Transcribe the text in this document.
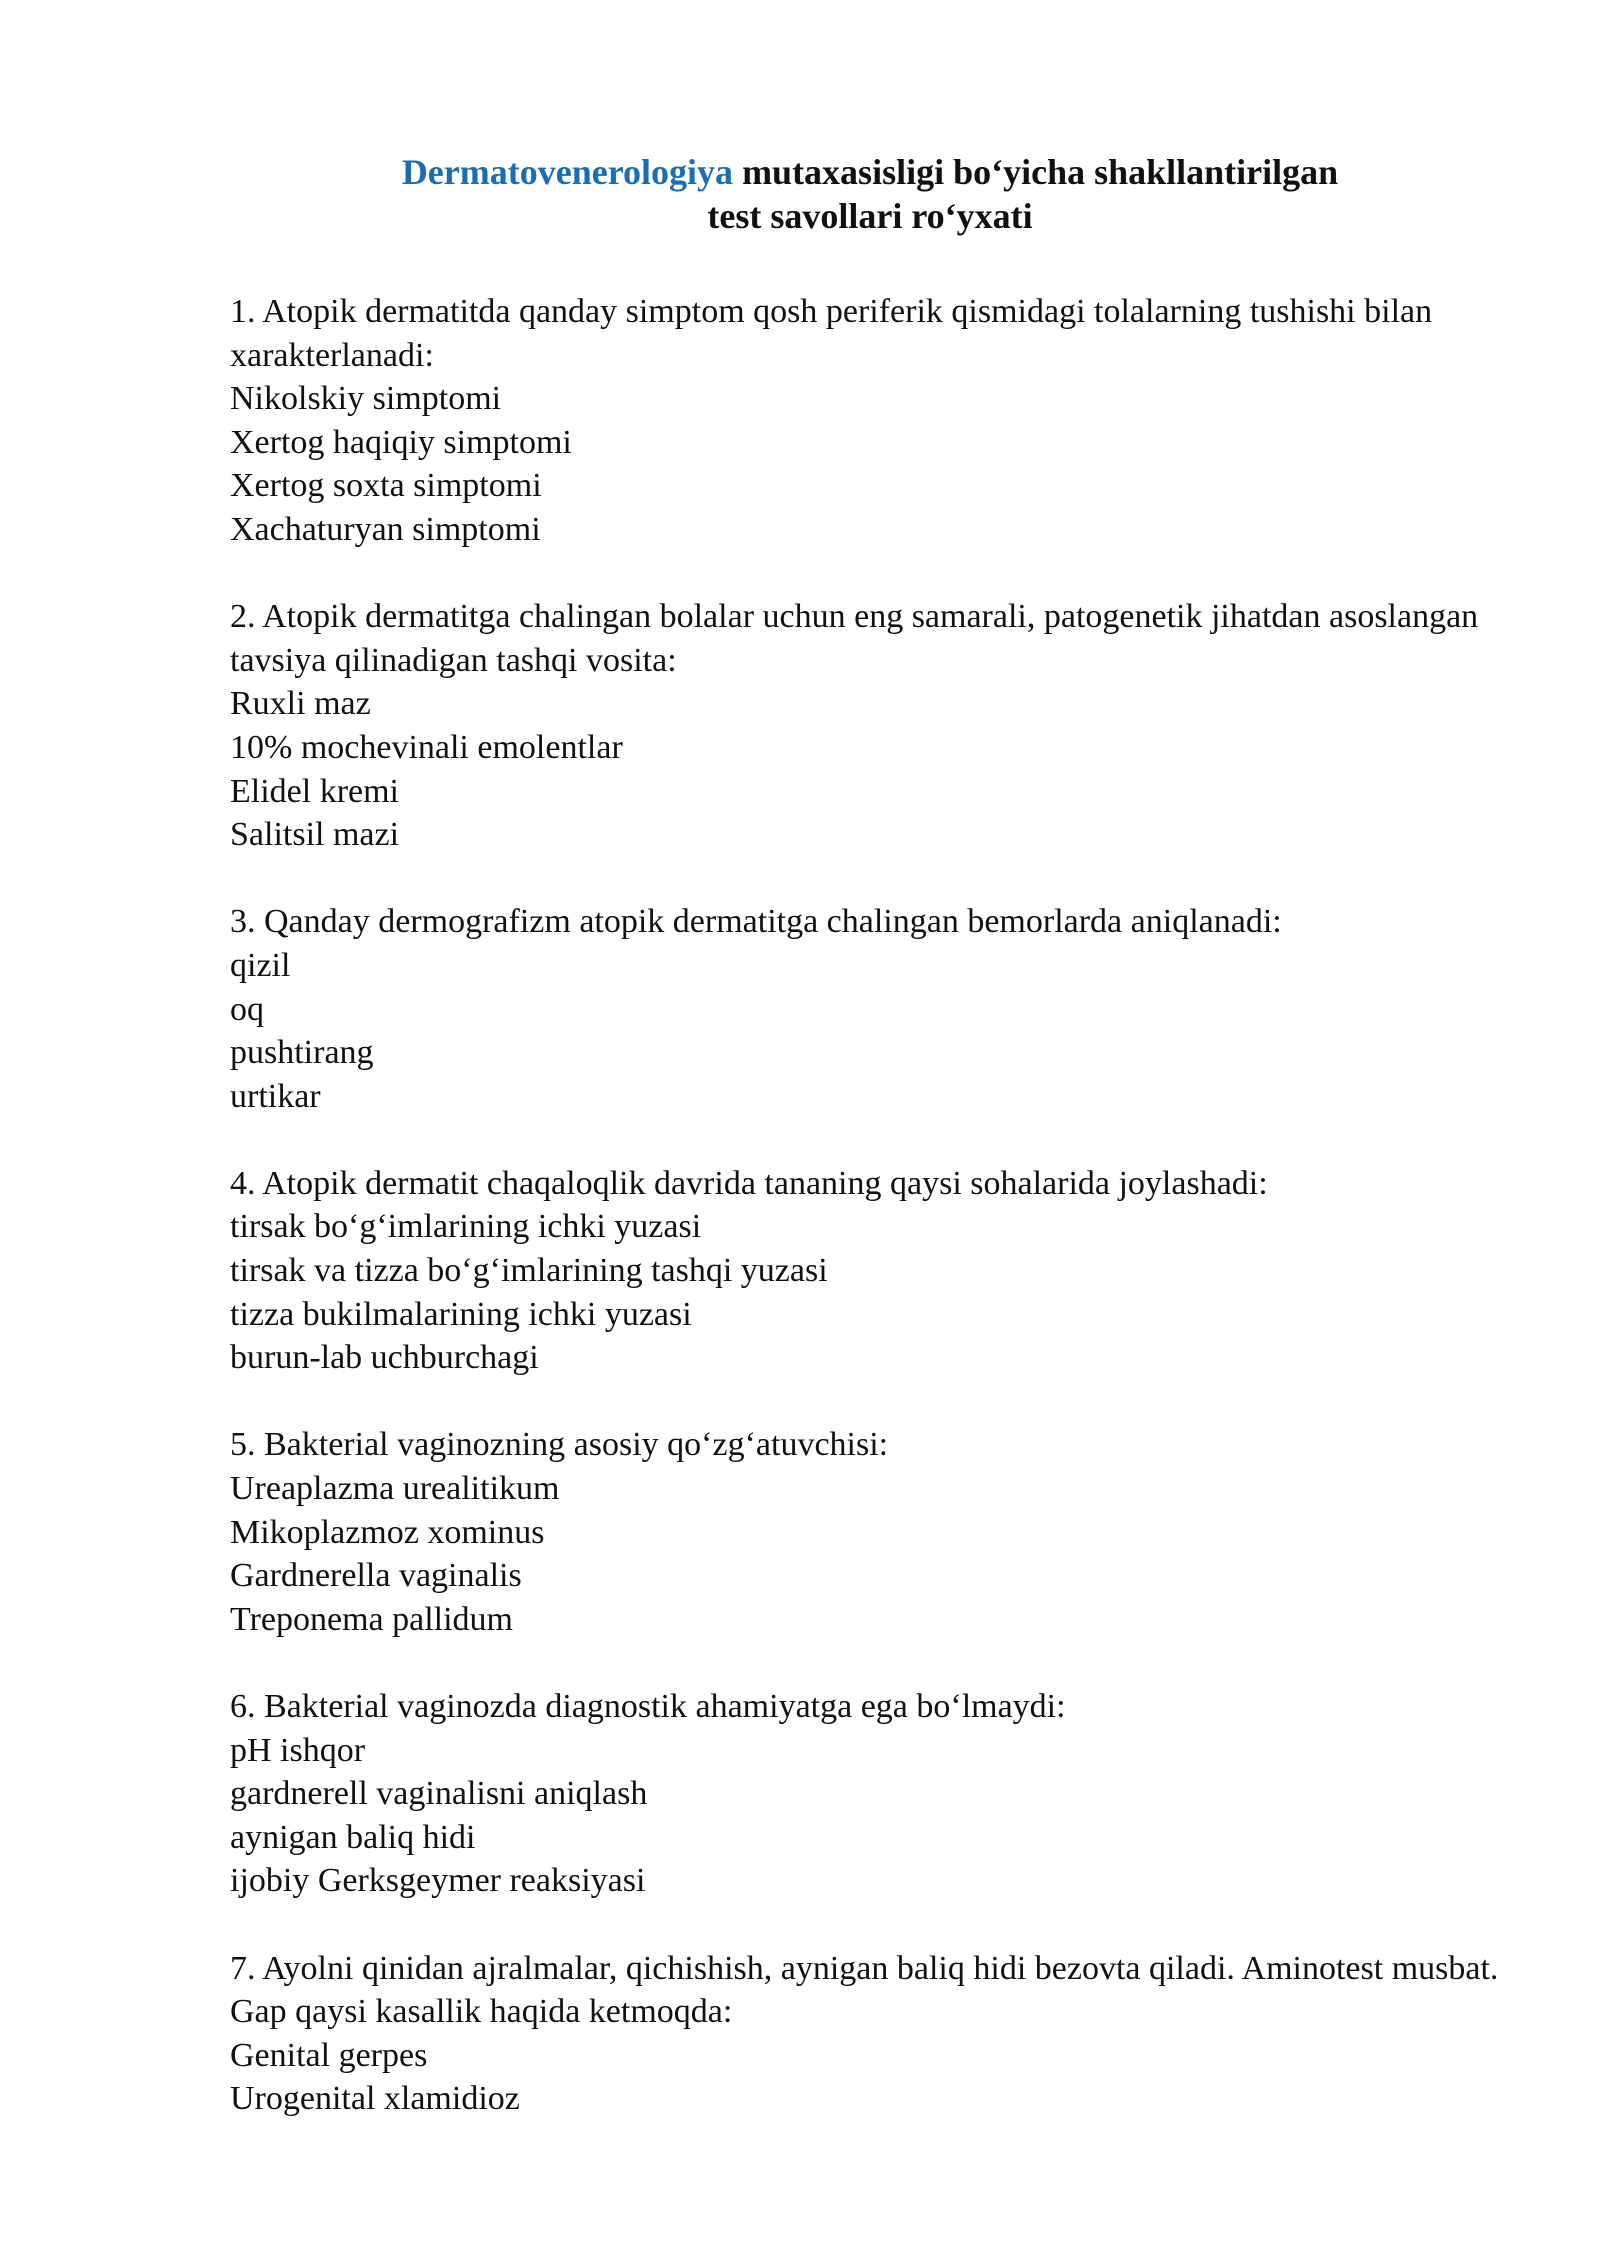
Dermatovenerologiya mutaxasisligi bo‘yicha shakllantirilgan
test savollari ro‘yxati
1. Atopik dermatitda qanday simptom qosh periferik qismidagi tolalarning tushishi bilan xarakterlanadi:
Nikolskiy simptomi
Xertog haqiqiy simptomi
Xertog soxta simptomi
Xachaturyan simptomi
2. Atopik dermatitga chalingan bolalar uchun eng samarali, patogenetik jihatdan asoslangan tavsiya qilinadigan tashqi vosita:
Ruxli maz
10% mochevinali emolentlar
Elidel kremi
Salitsil mazi
3. Qanday dermografizm atopik dermatitga chalingan bemorlarda aniqlanadi:
qizil
oq
pushtirang
urtikar
4. Atopik dermatit chaqaloqlik davrida tananing qaysi sohalarida joylashadi:
tirsak bo‘g‘imlarining ichki yuzasi
tirsak va tizza bo‘g‘imlarining tashqi yuzasi
tizza bukilmalarining ichki yuzasi
burun-lab uchburchagi
5. Bakterial vaginozning asosiy qo‘zg‘atuvchisi:
Ureaplazma urealitikum
Mikoplazmoz xominus
Gardnerella vaginalis
Treponema pallidum
6. Bakterial vaginozda diagnostik ahamiyatga ega bo‘lmaydi:
pH ishqor
gardnerell vaginalisni aniqlash
aynigan baliq hidi
ijobiy Gerksgeymer reaksiyasi
7. Ayolni qinidan ajralmalar, qichishish, aynigan baliq hidi bezovta qiladi. Aminotest musbat. Gap qaysi kasallik haqida ketmoqda:
Genital gerpes
Urogenital xlamidioz
